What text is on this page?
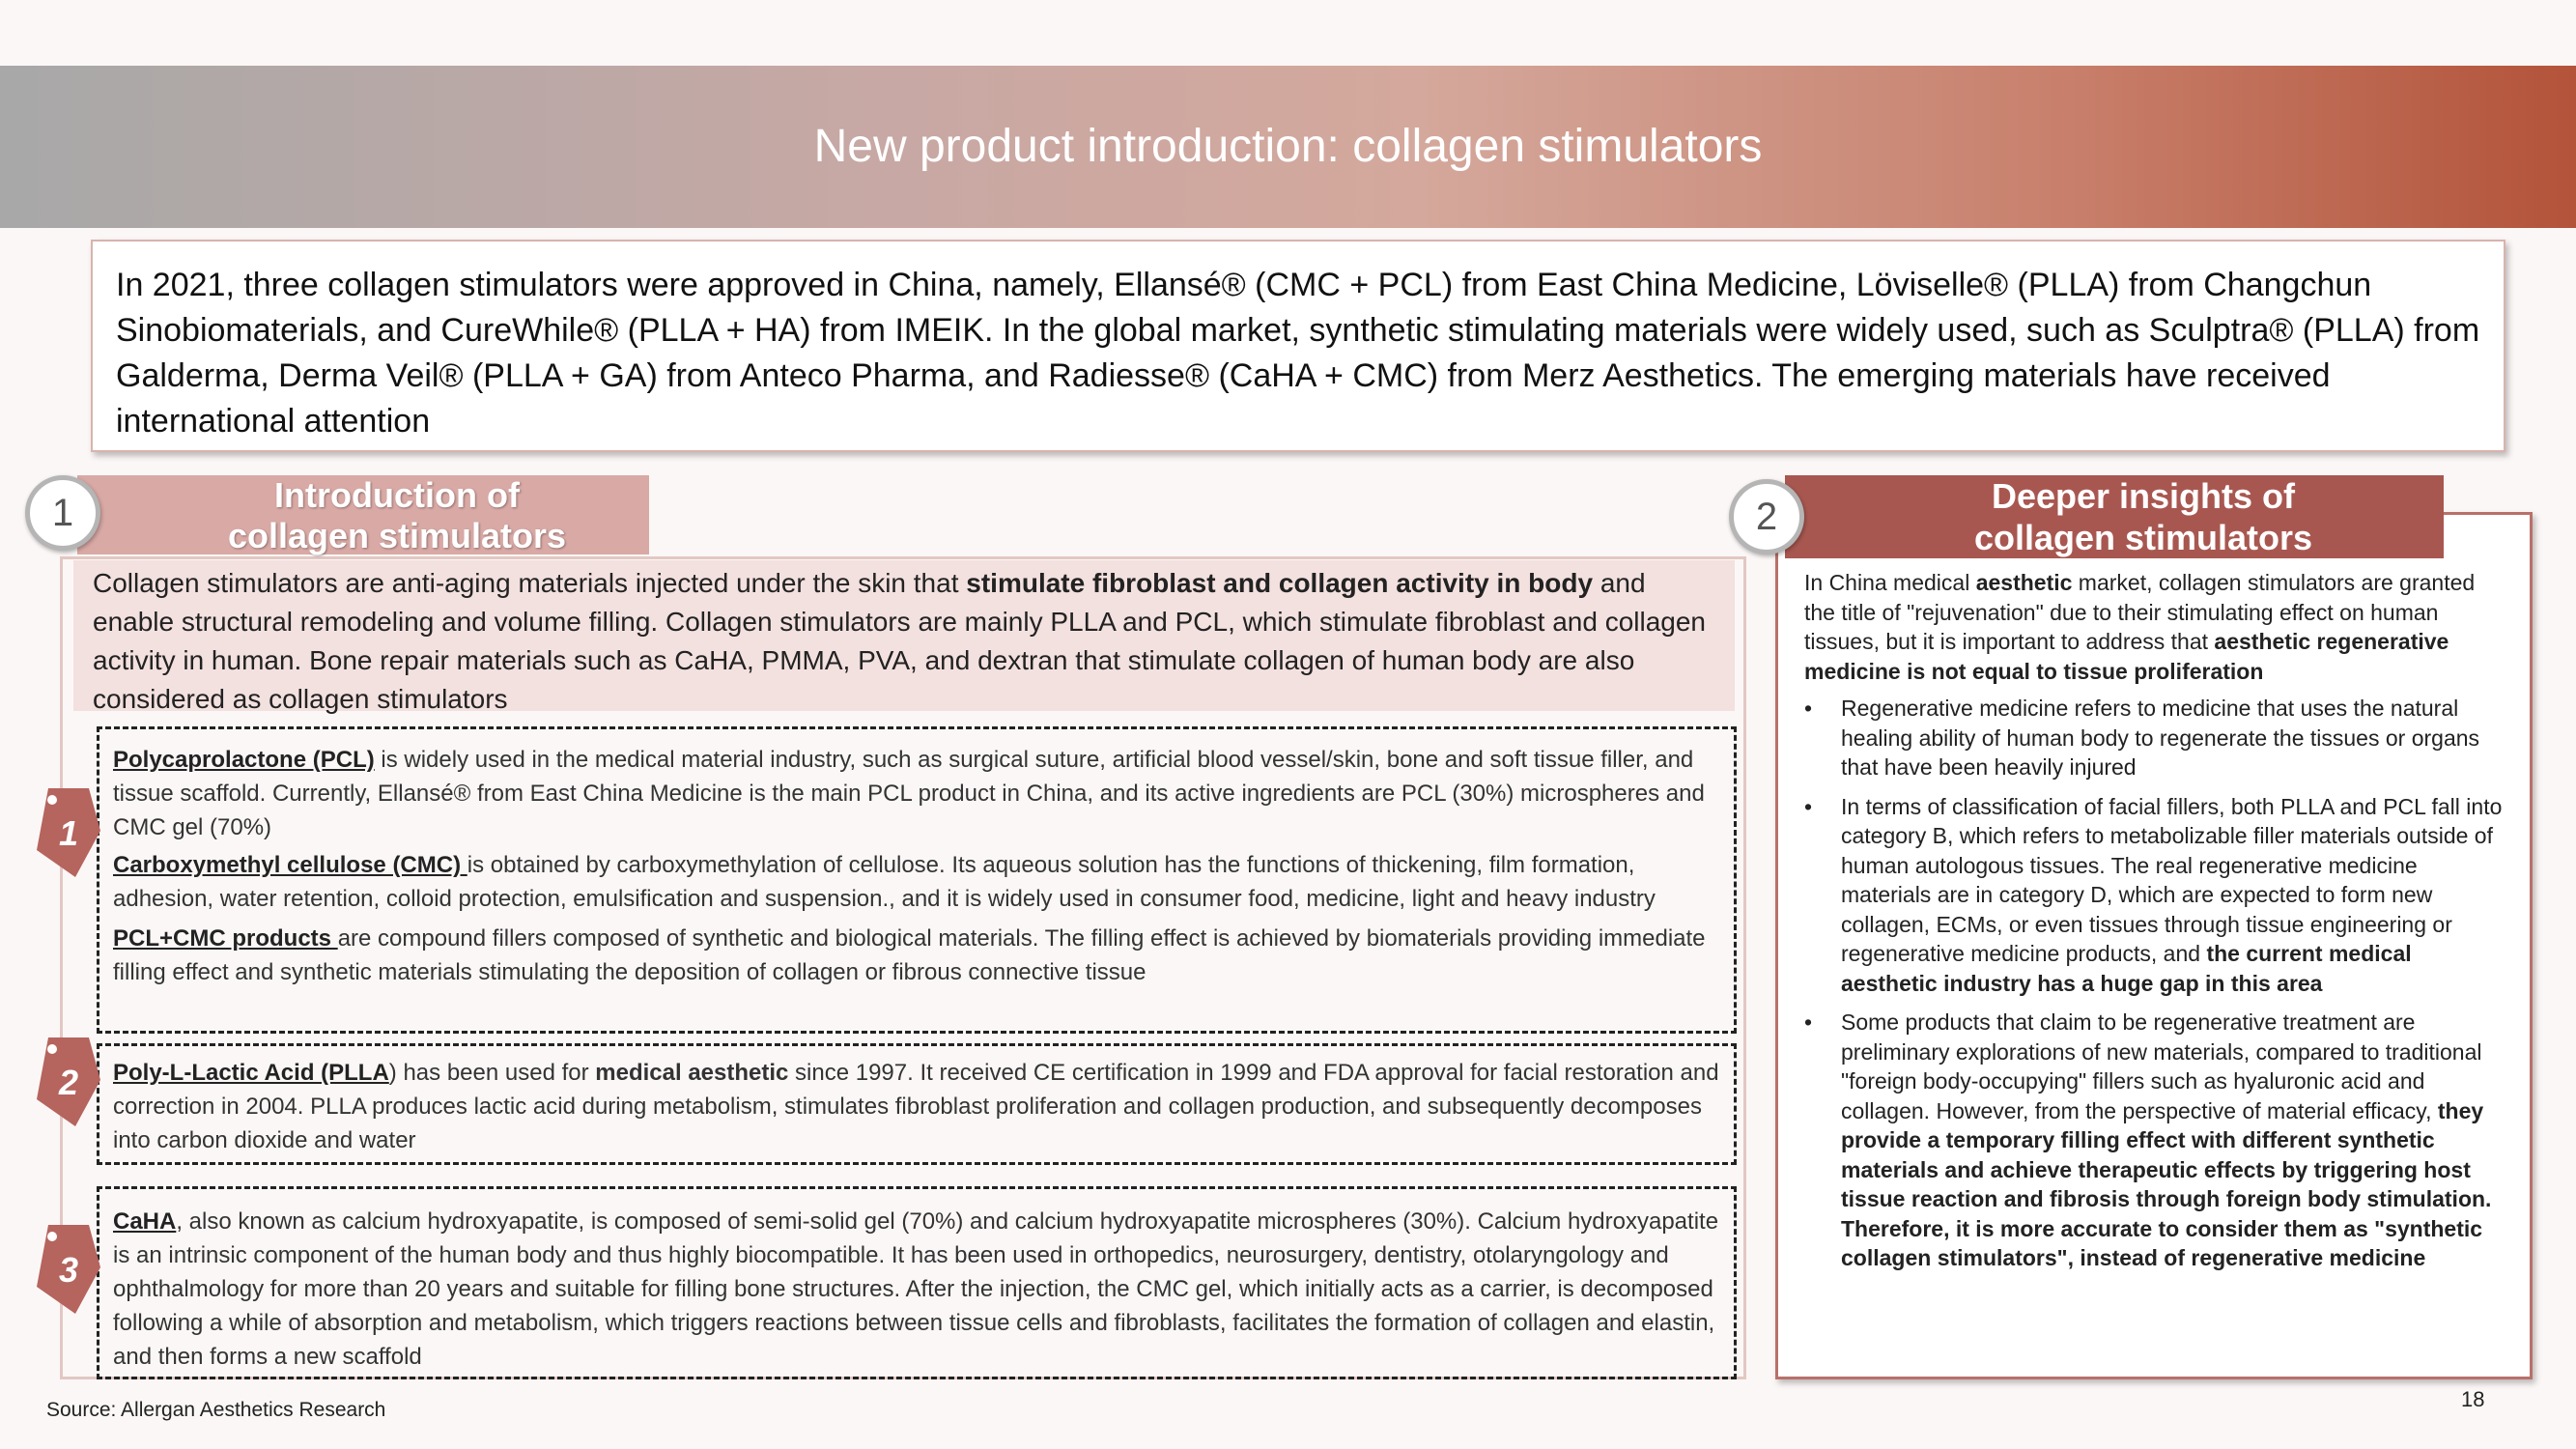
New product introduction: collagen stimulators

In 2021, three collagen stimulators were approved in China, namely, Ellansé® (CMC + PCL) from East China Medicine, Löviselle® (PLLA) from Changchun Sinobiomaterials, and CureWhile® (PLLA + HA) from IMEIK. In the global market, synthetic stimulating materials were widely used, such as Sculptra® (PLLA) from Galderma, Derma Veil® (PLLA + GA) from Anteco Pharma, and Radiesse® (CaHA + CMC) from Merz Aesthetics. The emerging materials have received international attention

Introduction of
collagen stimulators
1

Collagen stimulators are anti-aging materials injected under the skin that stimulate fibroblast and collagen activity in body and enable structural remodeling and volume filling. Collagen stimulators are mainly PLLA and PCL, which stimulate fibroblast and collagen activity in human. Bone repair materials such as CaHA, PMMA, PVA, and dextran that stimulate collagen of human body are also considered as collagen stimulators

Polycaprolactone (PCL) is widely used in the medical material industry, such as surgical suture, artificial blood vessel/skin, bone and soft tissue filler, and tissue scaffold. Currently, Ellansé® from East China Medicine is the main PCL product in China, and its active ingredients are PCL (30%) microspheres and CMC gel (70%)

Carboxymethyl cellulose (CMC) is obtained by carboxymethylation of cellulose. Its aqueous solution has the functions of thickening, film formation, adhesion, water retention, colloid protection, emulsification and suspension., and it is widely used in consumer food, medicine, light and heavy industry

PCL+CMC products are compound fillers composed of synthetic and biological materials. The filling effect is achieved by biomaterials providing immediate filling effect and synthetic materials stimulating the deposition of collagen or fibrous connective tissue

Poly-L-Lactic Acid (PLLA) has been used for medical aesthetic since 1997. It received CE certification in 1999 and FDA approval for facial restoration and correction in 2004. PLLA produces lactic acid during metabolism, stimulates fibroblast proliferation and collagen production, and subsequently decomposes into carbon dioxide and water

CaHA, also known as calcium hydroxyapatite, is composed of semi-solid gel (70%) and calcium hydroxyapatite microspheres (30%). Calcium hydroxyapatite is an intrinsic component of the human body and thus highly biocompatible. It has been used in orthopedics, neurosurgery, dentistry, otolaryngology and ophthalmology for more than 20 years and suitable for filling bone structures. After the injection, the CMC gel, which initially acts as a carrier, is decomposed following a while of absorption and metabolism, which triggers reactions between tissue cells and fibroblasts, facilitates the formation of collagen and elastin, and then forms a new scaffold

1
2
3
Deeper insights of
collagen stimulators
2

In China medical aesthetic market, collagen stimulators are granted the title of "rejuvenation" due to their stimulating effect on human tissues, but it is important to address that aesthetic regenerative medicine is not equal to tissue proliferation

• Regenerative medicine refers to medicine that uses the natural healing ability of human body to regenerate the tissues or organs that have been heavily injured
• In terms of classification of facial fillers, both PLLA and PCL fall into category B, which refers to metabolizable filler materials outside of human autologous tissues. The real regenerative medicine materials are in category D, which are expected to form new collagen, ECMs, or even tissues through tissue engineering or regenerative medicine products, and the current medical aesthetic industry has a huge gap in this area
• Some products that claim to be regenerative treatment are preliminary explorations of new materials, compared to traditional "foreign body-occupying" fillers such as hyaluronic acid and collagen. However, from the perspective of material efficacy, they provide a temporary filling effect with different synthetic materials and achieve therapeutic effects by triggering host tissue reaction and fibrosis through foreign body stimulation. Therefore, it is more accurate to consider them as "synthetic collagen stimulators", instead of regenerative medicine
Source: Allergan Aesthetics Research	18
